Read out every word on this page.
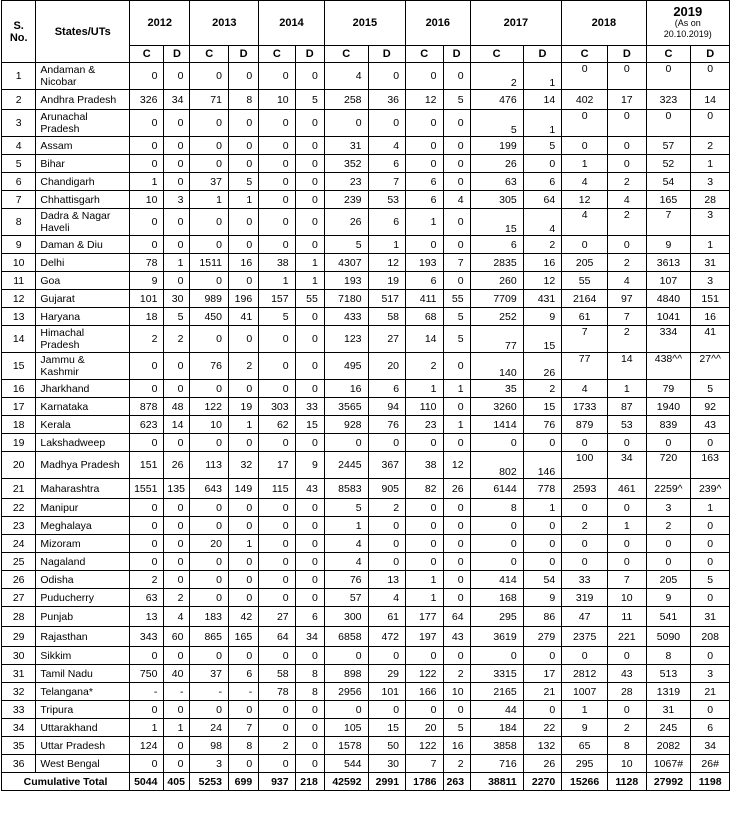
S.
No.	States/UTs	2012		2013		2014		2015		2016		2017		2018		2019
(As on
20.10.2019)	

		C	D	C	D	C	D	C	D	C	D	C	D	C	D	C	D
1	Andaman & Nicobar	0	0	0	0	0	0	4	0	0	0	2	1	0	0	0	0
2	Andhra Pradesh	326	34	71	8	10	5	258	36	12	5	476	14	402	17	323	14
3	Arunachal Pradesh	0	0	0	0	0	0	0	0	0	0	5	1	0	0	0	0
4	Assam	0	0	0	0	0	0	31	4	0	0	199	5	0	0	57	2
5	Bihar	0	0	0	0	0	0	352	6	0	0	26	0	1	0	52	1
6	Chandigarh	1	0	37	5	0	0	23	7	6	0	63	6	4	2	54	3
7	Chhattisgarh	10	3	1	1	0	0	239	53	6	4	305	64	12	4	165	28
8	Dadra & Nagar Haveli	0	0	0	0	0	0	26	6	1	0	15	4	4	2	7	3
9	Daman & Diu	0	0	0	0	0	0	5	1	0	0	6	2	0	0	9	1
10	Delhi	78	1	1511	16	38	1	4307	12	193	7	2835	16	205	2	3613	31
11	Goa	9	0	0	0	1	1	193	19	6	0	260	12	55	4	107	3
12	Gujarat	101	30	989	196	157	55	7180	517	411	55	7709	431	2164	97	4840	151
13	Haryana	18	5	450	41	5	0	433	58	68	5	252	9	61	7	1041	16
14	Himachal Pradesh	2	2	0	0	0	0	123	27	14	5	77	15	7	2	334	41
15	Jammu & Kashmir	0	0	76	2	0	0	495	20	2	0	140	26	77	14	438^^	27^^
16	Jharkhand	0	0	0	0	0	0	16	6	1	1	35	2	4	1	79	5
17	Karnataka	878	48	122	19	303	33	3565	94	110	0	3260	15	1733	87	1940	92
18	Kerala	623	14	10	1	62	15	928	76	23	1	1414	76	879	53	839	43
19	Lakshadweep	0	0	0	0	0	0	0	0	0	0	0	0	0	0	0	0
20	Madhya Pradesh	151	26	113	32	17	9	2445	367	38	12	802	146	100	34	720	163
21	Maharashtra	1551	135	643	149	115	43	8583	905	82	26	6144	778	2593	461	2259^	239^
22	Manipur	0	0	0	0	0	0	5	2	0	0	8	1	0	0	3	1
23	Meghalaya	0	0	0	0	0	0	1	0	0	0	0	0	2	1	2	0
24	Mizoram	0	0	20	1	0	0	4	0	0	0	0	0	0	0	0	0
25	Nagaland	0	0	0	0	0	0	4	0	0	0	0	0	0	0	0	0
26	Odisha	2	0	0	0	0	0	76	13	1	0	414	54	33	7	205	5
27	Puducherry	63	2	0	0	0	0	57	4	1	0	168	9	319	10	9	0
28	Punjab	13	4	183	42	27	6	300	61	177	64	295	86	47	11	541	31
29	Rajasthan	343	60	865	165	64	34	6858	472	197	43	3619	279	2375	221	5090	208
30	Sikkim	0	0	0	0	0	0	0	0	0	0	0	0	0	0	8	0
31	Tamil Nadu	750	40	37	6	58	8	898	29	122	2	3315	17	2812	43	513	3
32	Telangana*	-	-	-	-	78	8	2956	101	166	10	2165	21	1007	28	1319	21
33	Tripura	0	0	0	0	0	0	0	0	0	0	44	0	1	0	31	0
34	Uttarakhand	1	1	24	7	0	0	105	15	20	5	184	22	9	2	245	6
35	Uttar Pradesh	124	0	98	8	2	0	1578	50	122	16	3858	132	65	8	2082	34
36	West Bengal	0	0	3	0	0	0	544	30	7	2	716	26	295	10	1067#	26#
Cumulative Total		5044	405	5253	699	937	218	42592	2991	1786	263	38811	2270	15266	1128	27992	1198
